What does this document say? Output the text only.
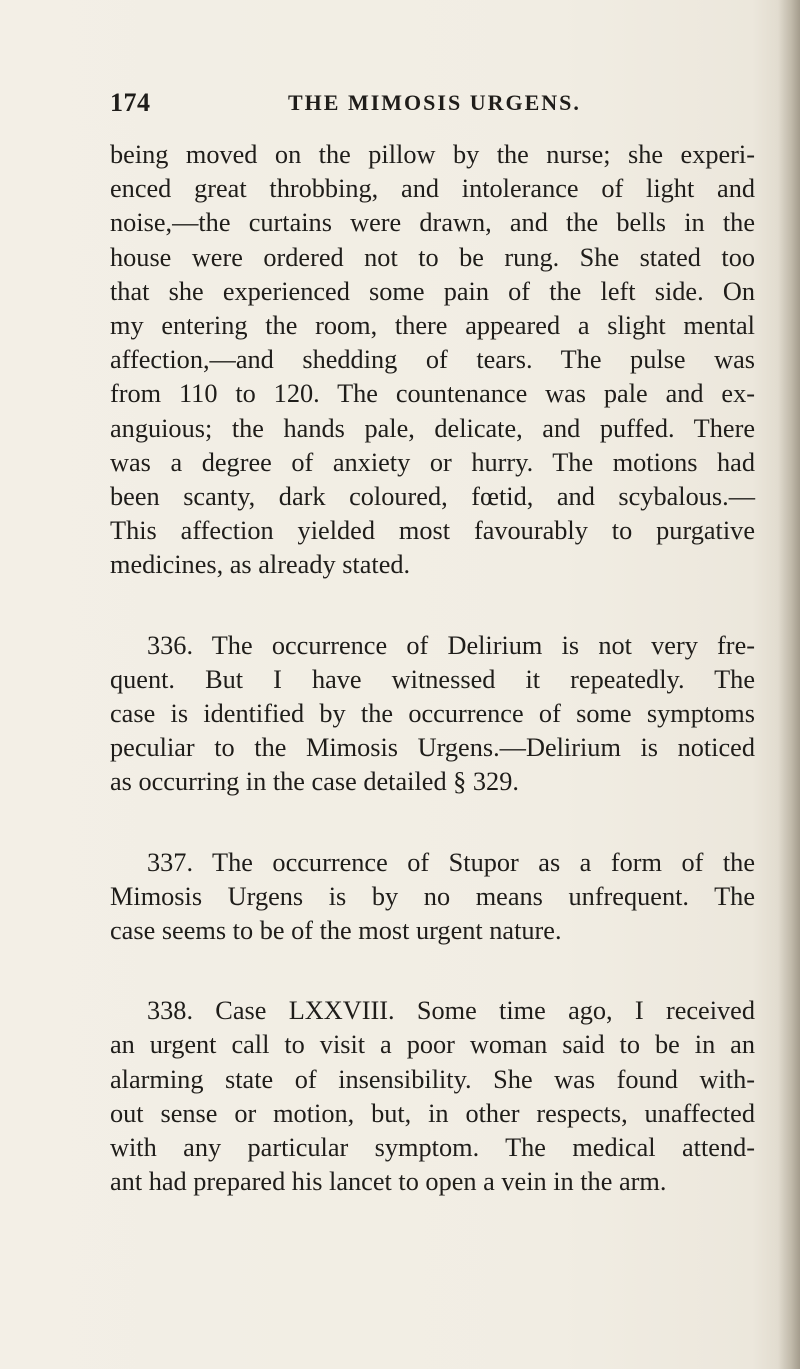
174	THE MIMOSIS URGENS.
being moved on the pillow by the nurse; she experi-
enced great throbbing, and intolerance of light and
noise,—the curtains were drawn, and the bells in the
house were ordered not to be rung. She stated too
that she experienced some pain of the left side. On
my entering the room, there appeared a slight mental
affection,—and shedding of tears. The pulse was
from 110 to 120. The countenance was pale and ex-
anguious; the hands pale, delicate, and puffed. There
was a degree of anxiety or hurry. The motions had
been scanty, dark coloured, fœtid, and scybalous.—
This affection yielded most favourably to purgative
medicines, as already stated.
336. The occurrence of Delirium is not very fre-
quent. But I have witnessed it repeatedly. The
case is identified by the occurrence of some symptoms
peculiar to the Mimosis Urgens.—Delirium is noticed
as occurring in the case detailed § 329.
337. The occurrence of Stupor as a form of the
Mimosis Urgens is by no means unfrequent. The
case seems to be of the most urgent nature.
338. Case LXXVIII. Some time ago, I received
an urgent call to visit a poor woman said to be in an
alarming state of insensibility. She was found with-
out sense or motion, but, in other respects, unaffected
with any particular symptom. The medical attend-
ant had prepared his lancet to open a vein in the arm.
